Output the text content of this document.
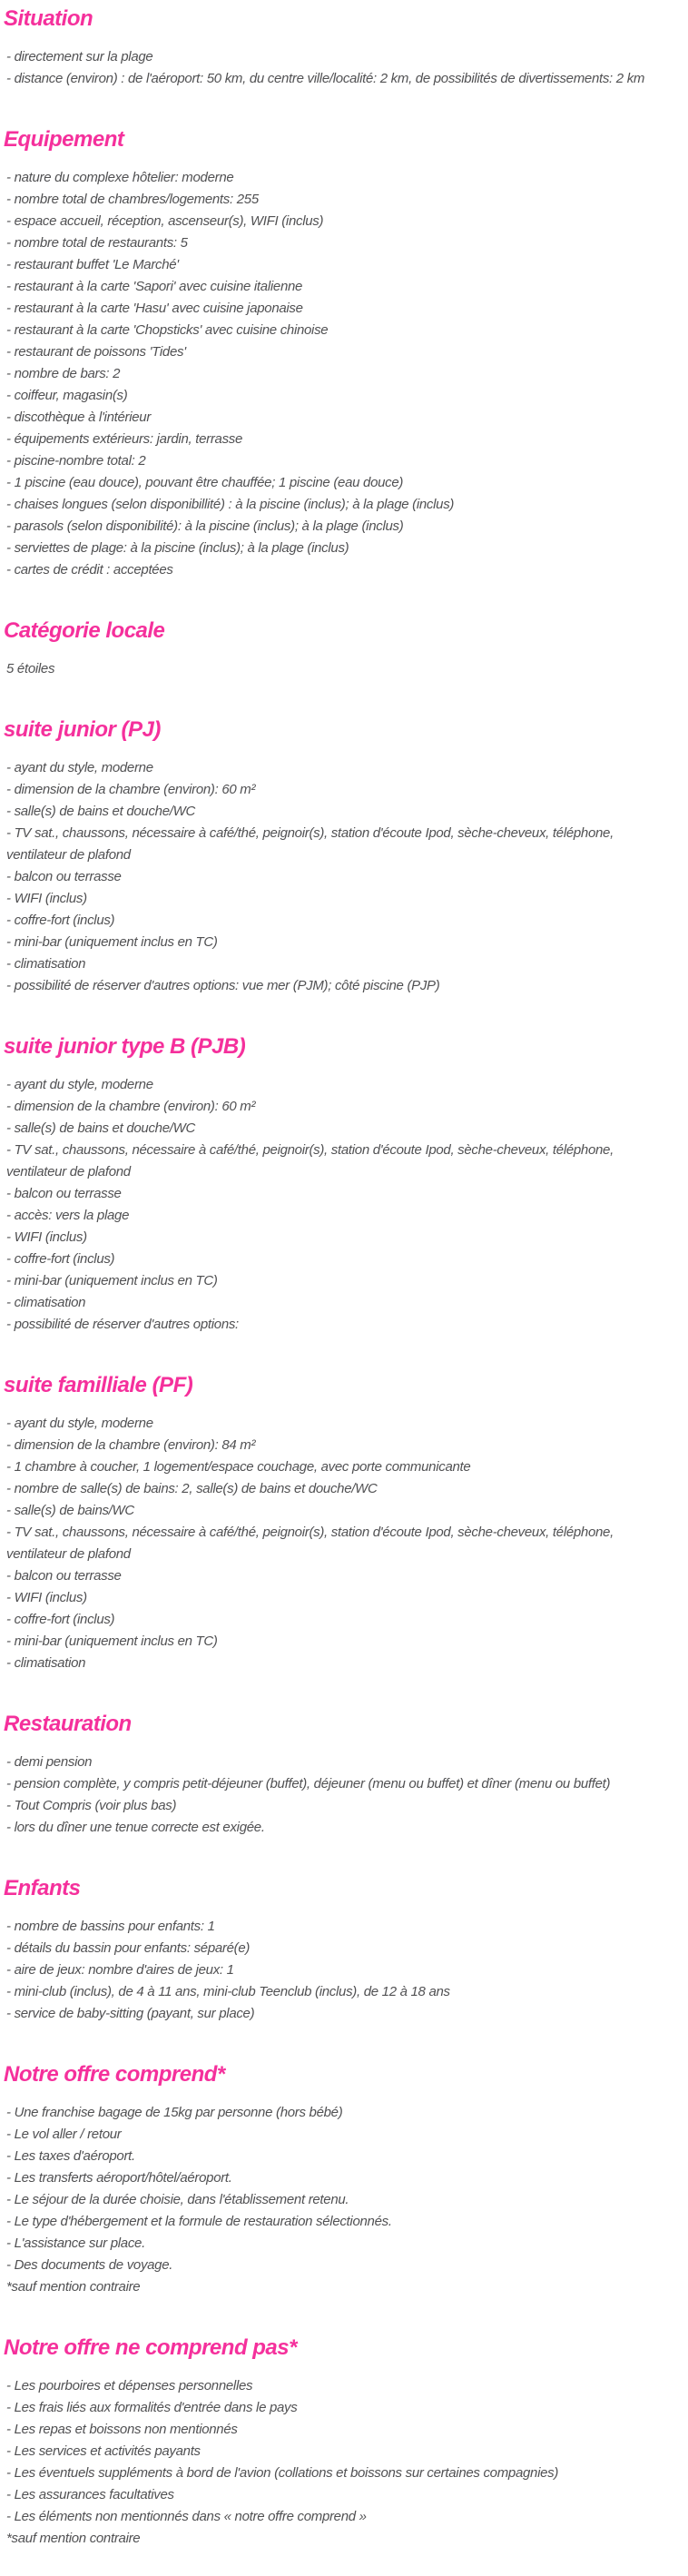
Situation

- directement sur la plage

- distance (environ) : de l'aéroport: 50 km, du centre ville/localité: 2 km, de possibilités de divertissements: 2 km

Equipement

- nature du complexe hôtelier: moderne

- nombre total de chambres/logements: 255

- espace accueil, réception, ascenseur(s), WIFI (inclus)

- nombre total de restaurants: 5

- restaurant buffet 'Le Marché'

- restaurant à la carte 'Sapori' avec cuisine italienne

- restaurant à la carte 'Hasu' avec cuisine japonaise

- restaurant à la carte 'Chopsticks' avec cuisine chinoise

- restaurant de poissons 'Tides'

- nombre de bars: 2

- coiffeur, magasin(s)

- discothèque à l'intérieur

- équipements extérieurs: jardin, terrasse

- piscine-nombre total: 2

- 1 piscine (eau douce), pouvant être chauffée; 1 piscine (eau douce)

- chaises longues (selon disponibillité) : à la piscine (inclus); à la plage (inclus)

- parasols (selon disponibilité): à la piscine (inclus); à la plage (inclus)

- serviettes de plage: à la piscine (inclus); à la plage (inclus)

- cartes de crédit : acceptées

Catégorie locale

5 étoiles

suite junior (PJ)

- ayant du style, moderne

- dimension de la chambre (environ): 60 m²

- salle(s) de bains et douche/WC

- TV sat., chaussons, nécessaire à café/thé, peignoir(s), station d'écoute Ipod, sèche-cheveux, téléphone, ventilateur de plafond

- balcon ou terrasse

- WIFI (inclus)

- coffre-fort (inclus)

- mini-bar (uniquement inclus en TC)

- climatisation

- possibilité de réserver d'autres options: vue mer (PJM); côté piscine (PJP)

suite junior type B (PJB)

- ayant du style, moderne

- dimension de la chambre (environ): 60 m²

- salle(s) de bains et douche/WC

- TV sat., chaussons, nécessaire à café/thé, peignoir(s), station d'écoute Ipod, sèche-cheveux, téléphone, ventilateur de plafond

- balcon ou terrasse

- accès: vers la plage

- WIFI (inclus)

- coffre-fort (inclus)

- mini-bar (uniquement inclus en TC)

- climatisation

- possibilité de réserver d'autres options:

suite familliale (PF)

- ayant du style, moderne

- dimension de la chambre (environ): 84 m²

- 1 chambre à coucher, 1 logement/espace couchage, avec porte communicante

- nombre de salle(s) de bains: 2, salle(s) de bains et douche/WC

- salle(s) de bains/WC

- TV sat., chaussons, nécessaire à café/thé, peignoir(s), station d'écoute Ipod, sèche-cheveux, téléphone, ventilateur de plafond

- balcon ou terrasse

- WIFI (inclus)

- coffre-fort (inclus)

- mini-bar (uniquement inclus en TC)

- climatisation

Restauration

- demi pension

- pension complète, y compris petit-déjeuner (buffet), déjeuner (menu ou buffet) et dîner (menu ou buffet)

- Tout Compris (voir plus bas)

- lors du dîner une tenue correcte est exigée.

Enfants

- nombre de bassins pour enfants: 1

- détails du bassin pour enfants: séparé(e)

- aire de jeux: nombre d'aires de jeux: 1

- mini-club (inclus), de 4 à 11 ans, mini-club Teenclub (inclus), de 12 à 18 ans

- service de baby-sitting (payant, sur place)

Notre offre comprend*

- Une franchise bagage de 15kg par personne (hors bébé)

- Le vol aller / retour

- Les taxes d'aéroport.

- Les transferts aéroport/hôtel/aéroport.

- Le séjour de la durée choisie, dans l'établissement retenu.

- Le type d'hébergement et la formule de restauration sélectionnés.

- L'assistance sur place.

- Des documents de voyage.

*sauf mention contraire

Notre offre ne comprend pas*

- Les pourboires et dépenses personnelles

- Les frais liés aux formalités d'entrée dans le pays

- Les repas et boissons non mentionnés

- Les services et activités payants

- Les éventuels suppléments à bord de l'avion (collations et boissons sur certaines compagnies)

- Les assurances facultatives

- Les éléments non mentionnés dans « notre offre comprend »

*sauf mention contraire
